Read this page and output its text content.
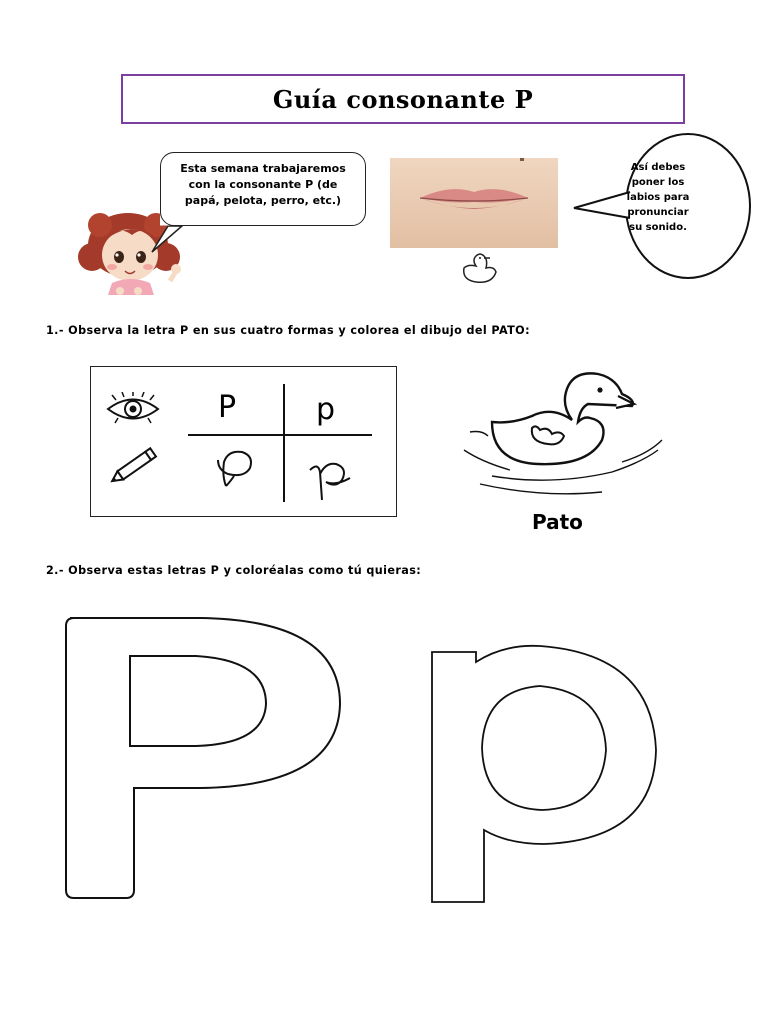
Guía consonante P
Esta semana trabajaremos
con la consonante P (de
papá, pelota, perro, etc.)
Así debes
poner los
labios para
pronunciar
su sonido.
1.- Observa la letra P en sus cuatro formas y colorea el dibujo del PATO:
P	p
Pato
2.- Observa estas letras P y coloréalas como tú quieras:
